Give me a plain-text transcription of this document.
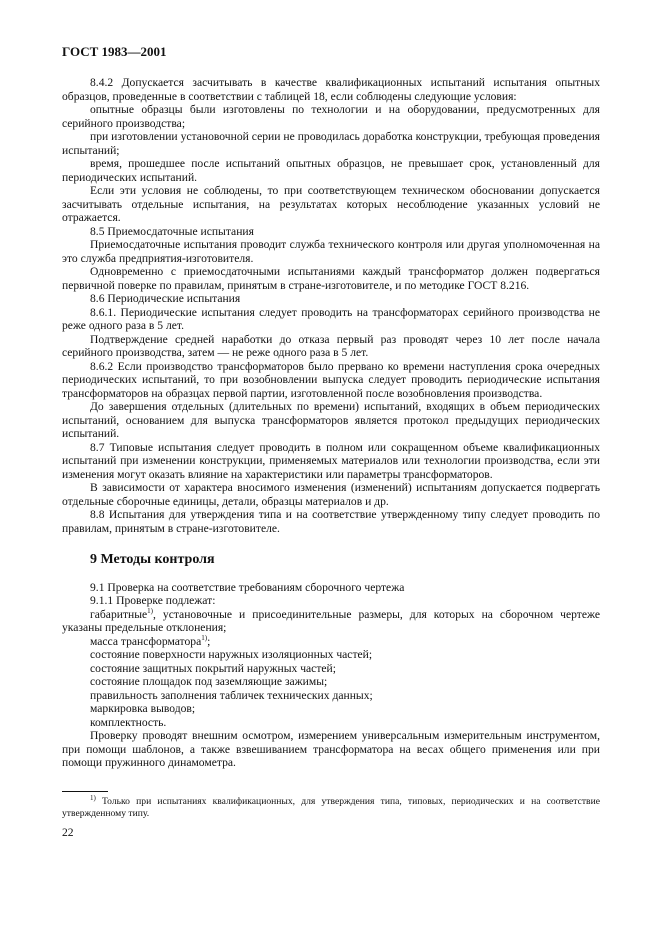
ГОСТ 1983—2001

8.4.2 Допускается засчитывать в качестве квалификационных испытаний испытания опытных образцов, проведенные в соответствии с таблицей 18, если соблюдены следующие условия:

опытные образцы были изготовлены по технологии и на оборудовании, предусмотренных для серийного производства;

при изготовлении установочной серии не проводилась доработка конструкции, требующая проведения испытаний;

время, прошедшее после испытаний опытных образцов, не превышает срок, установленный для периодических испытаний.

Если эти условия не соблюдены, то при соответствующем техническом обосновании допускается засчитывать отдельные испытания, на результатах которых несоблюдение указанных условий не отражается.

8.5 Приемосдаточные испытания

Приемосдаточные испытания проводит служба технического контроля или другая уполномоченная на это служба предприятия-изготовителя.

Одновременно с приемосдаточными испытаниями каждый трансформатор должен подвергаться первичной поверке по правилам, принятым в стране-изготовителе, и по методике ГОСТ 8.216.

8.6 Периодические испытания

8.6.1. Периодические испытания следует проводить на трансформаторах серийного производства не реже одного раза в 5 лет.

Подтверждение средней наработки до отказа первый раз проводят через 10 лет после начала серийного производства, затем — не реже одного раза в 5 лет.

8.6.2 Если производство трансформаторов было прервано ко времени наступления срока очередных периодических испытаний, то при возобновлении выпуска следует проводить периодические испытания трансформаторов на образцах первой партии, изготовленной после возобновления производства.

До завершения отдельных (длительных по времени) испытаний, входящих в объем периодических испытаний, основанием для выпуска трансформаторов является протокол предыдущих периодических испытаний.

8.7 Типовые испытания следует проводить в полном или сокращенном объеме квалификационных испытаний при изменении конструкции, применяемых материалов или технологии производства, если эти изменения могут оказать влияние на характеристики или параметры трансформаторов.

В зависимости от характера вносимого изменения (изменений) испытаниям допускается подвергать отдельные сборочные единицы, детали, образцы материалов и др.

8.8 Испытания для утверждения типа и на соответствие утвержденному типу следует проводить по правилам, принятым в стране-изготовителе.

9 Методы контроля

9.1 Проверка на соответствие требованиям сборочного чертежа

9.1.1 Проверке подлежат:

габаритные$^{1)}$, установочные и присоединительные размеры, для которых на сборочном чертеже указаны предельные отклонения;

масса трансформатора$^{1)}$;

состояние поверхности наружных изоляционных частей;

состояние защитных покрытий наружных частей;

состояние площадок под заземляющие зажимы;

правильность заполнения табличек технических данных;

маркировка выводов;

комплектность.

Проверку проводят внешним осмотром, измерением универсальным измерительным инструментом, при помощи шаблонов, а также взвешиванием трансформатора на весах общего применения или при помощи пружинного динамометра.

$^{1)}$ Только при испытаниях квалификационных, для утверждения типа, типовых, периодических и на соответствие утвержденному типу.

22
